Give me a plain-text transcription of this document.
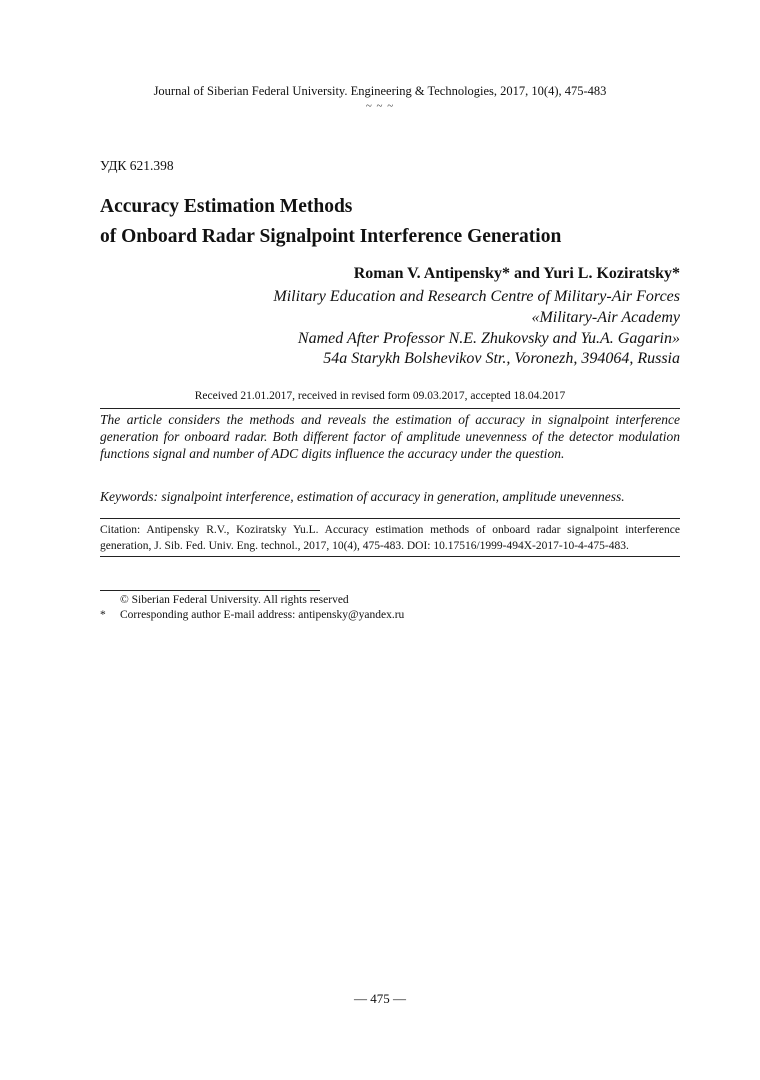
Journal of Siberian Federal University. Engineering & Technologies, 2017, 10(4), 475-483
~ ~ ~
УДК 621.398
Accuracy Estimation Methods
of Onboard Radar Signalpoint Interference Generation
Roman V. Antipensky* and Yuri L. Koziratsky*
Military Education and Research Centre of Military-Air Forces
«Military-Air Academy
Named After Professor N.E. Zhukovsky and Yu.A. Gagarin»
54a Starykh Bolshevikov Str., Voronezh, 394064, Russia
Received 21.01.2017, received in revised form 09.03.2017, accepted 18.04.2017
The article considers the methods and reveals the estimation of accuracy in signalpoint interference generation for onboard radar. Both different factor of amplitude unevenness of the detector modulation functions signal and number of ADC digits influence the accuracy under the question.
Keywords: signalpoint interference, estimation of accuracy in generation, amplitude unevenness.
Citation: Antipensky R.V., Koziratsky Yu.L. Accuracy estimation methods of onboard radar signalpoint interference generation, J. Sib. Fed. Univ. Eng. technol., 2017, 10(4), 475-483. DOI: 10.17516/1999-494X-2017-10-4-475-483.
© Siberian Federal University. All rights reserved
* Corresponding author E-mail address: antipensky@yandex.ru
— 475 —
